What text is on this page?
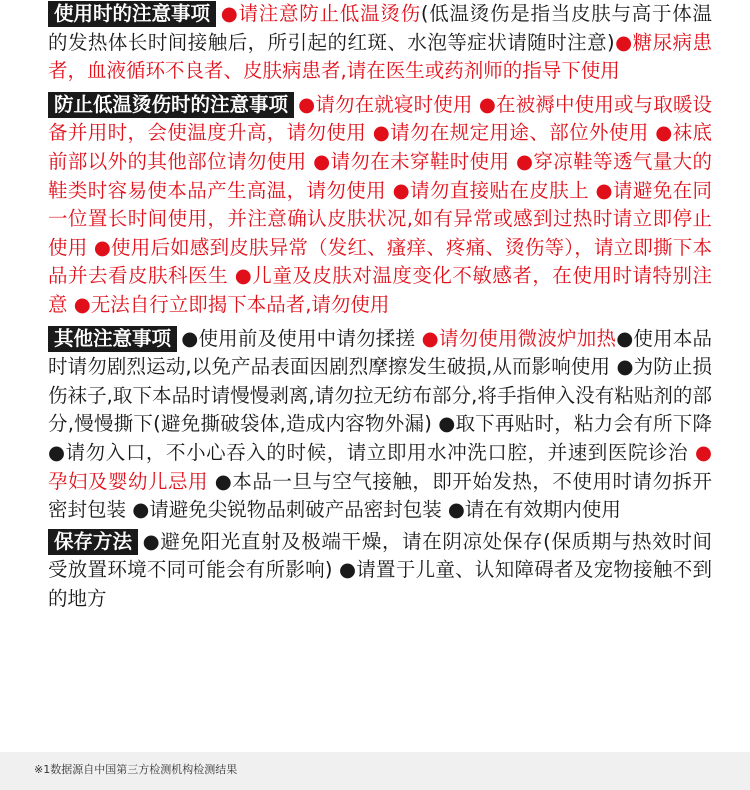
使用时的注意事项 ●请注意防止低温烫伤(低温烫伤是指当皮肤与高于体温的发热体长时间接触后，所引起的红斑、水泡等症状请随时注意)●糖尿病患者，血液循环不良者、皮肤病患者,请在医生或药剂师的指导下使用

防止低温烫伤时的注意事项 ●请勿在就寝时使用 ●在被褥中使用或与取暖设备并用时，会使温度升高，请勿使用 ●请勿在规定用途、部位外使用 ●袜底前部以外的其他部位请勿使用 ●请勿在未穿鞋时使用 ●穿凉鞋等透气量大的鞋类时容易使本品产生高温，请勿使用 ●请勿直接贴在皮肤上 ●请避免在同一位置长时间使用，并注意确认皮肤状况,如有异常或感到过热时请立即停止使用 ●使用后如感到皮肤异常（发红、瘙痒、疼痛、烫伤等），请立即撕下本品并去看皮肤科医生 ●儿童及皮肤对温度变化不敏感者，在使用时请特别注意 ●无法自行立即揭下本品者,请勿使用

其他注意事项 ●使用前及使用中请勿揉搓 ●请勿使用微波炉加热●使用本品时请勿剧烈运动,以免产品表面因剧烈摩擦发生破损,从而影响使用 ●为防止损伤袜子,取下本品时请慢慢剥离,请勿拉无纺布部分,将手指伸入没有粘贴剂的部分,慢慢撕下(避免撕破袋体,造成内容物外漏) ●取下再贴时，粘力会有所下降 ●请勿入口，不小心吞入的时候，请立即用水冲洗口腔，并速到医院诊治 ●孕妇及婴幼儿忌用 ●本品一旦与空气接触，即开始发热，不使用时请勿拆开密封包装 ●请避免尖锐物品刺破产品密封包装 ●请在有效期内使用

保存方法 ●避免阳光直射及极端干燥，请在阴凉处保存(保质期与热效时间受放置环境不同可能会有所影响) ●请置于儿童、认知障碍者及宠物接触不到的地方

※1数据源自中国第三方检测机构检测结果
